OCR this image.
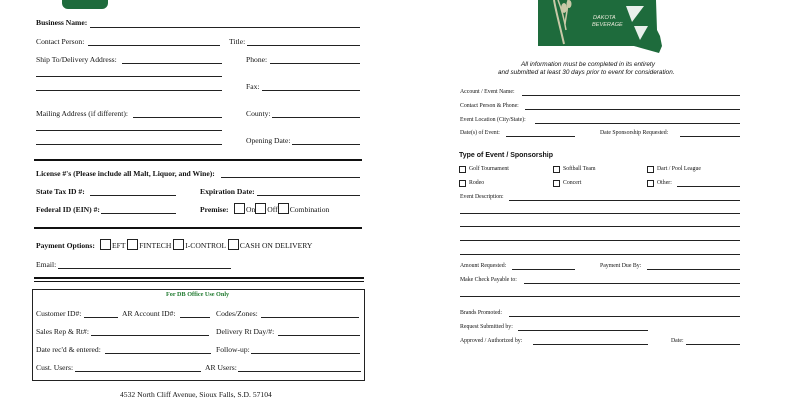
Business Name:
Contact Person:	Title:
Ship To/Delivery Address:	Phone:
Fax:
Mailing Address (if different):	County:
Opening Date:
License #'s (Please include all Malt, Liquor, and Wine):
State Tax ID #:	Expiration Date:
Federal ID (EIN) #:	Premise:	On Off Combination
Payment Options:	EFT FINTECH I-CONTROL CASH ON DELIVERY
Email:
For DB Office Use Only
Customer ID#:	AR Account ID#:	Codes/Zones:
Sales Rep & Rt#:	Delivery Rt Day/#:
Date rec'd & entered:	Follow-up:
Cust. Users:	AR Users:
4532 North Cliff Avenue, Sioux Falls, S.D. 57104
DAKOTA
BEVERAGE
All information must be completed in its entirety
and submitted at least 30 days prior to event for consideration.
Account / Event Name:
Contact Person & Phone:
Event Location (City/State):
Date(s) of Event:	Date Sponsorship Requested:
Type of Event / Sponsorship
Golf Tournament	Softball Team	Dart / Pool League
Rodeo	Concert	Other:
Event Description:
Amount Requested:	Payment Due By:
Make Check Payable to:
Brands Promoted:
Request Submitted by:
Approved / Authorized by:	Date:
